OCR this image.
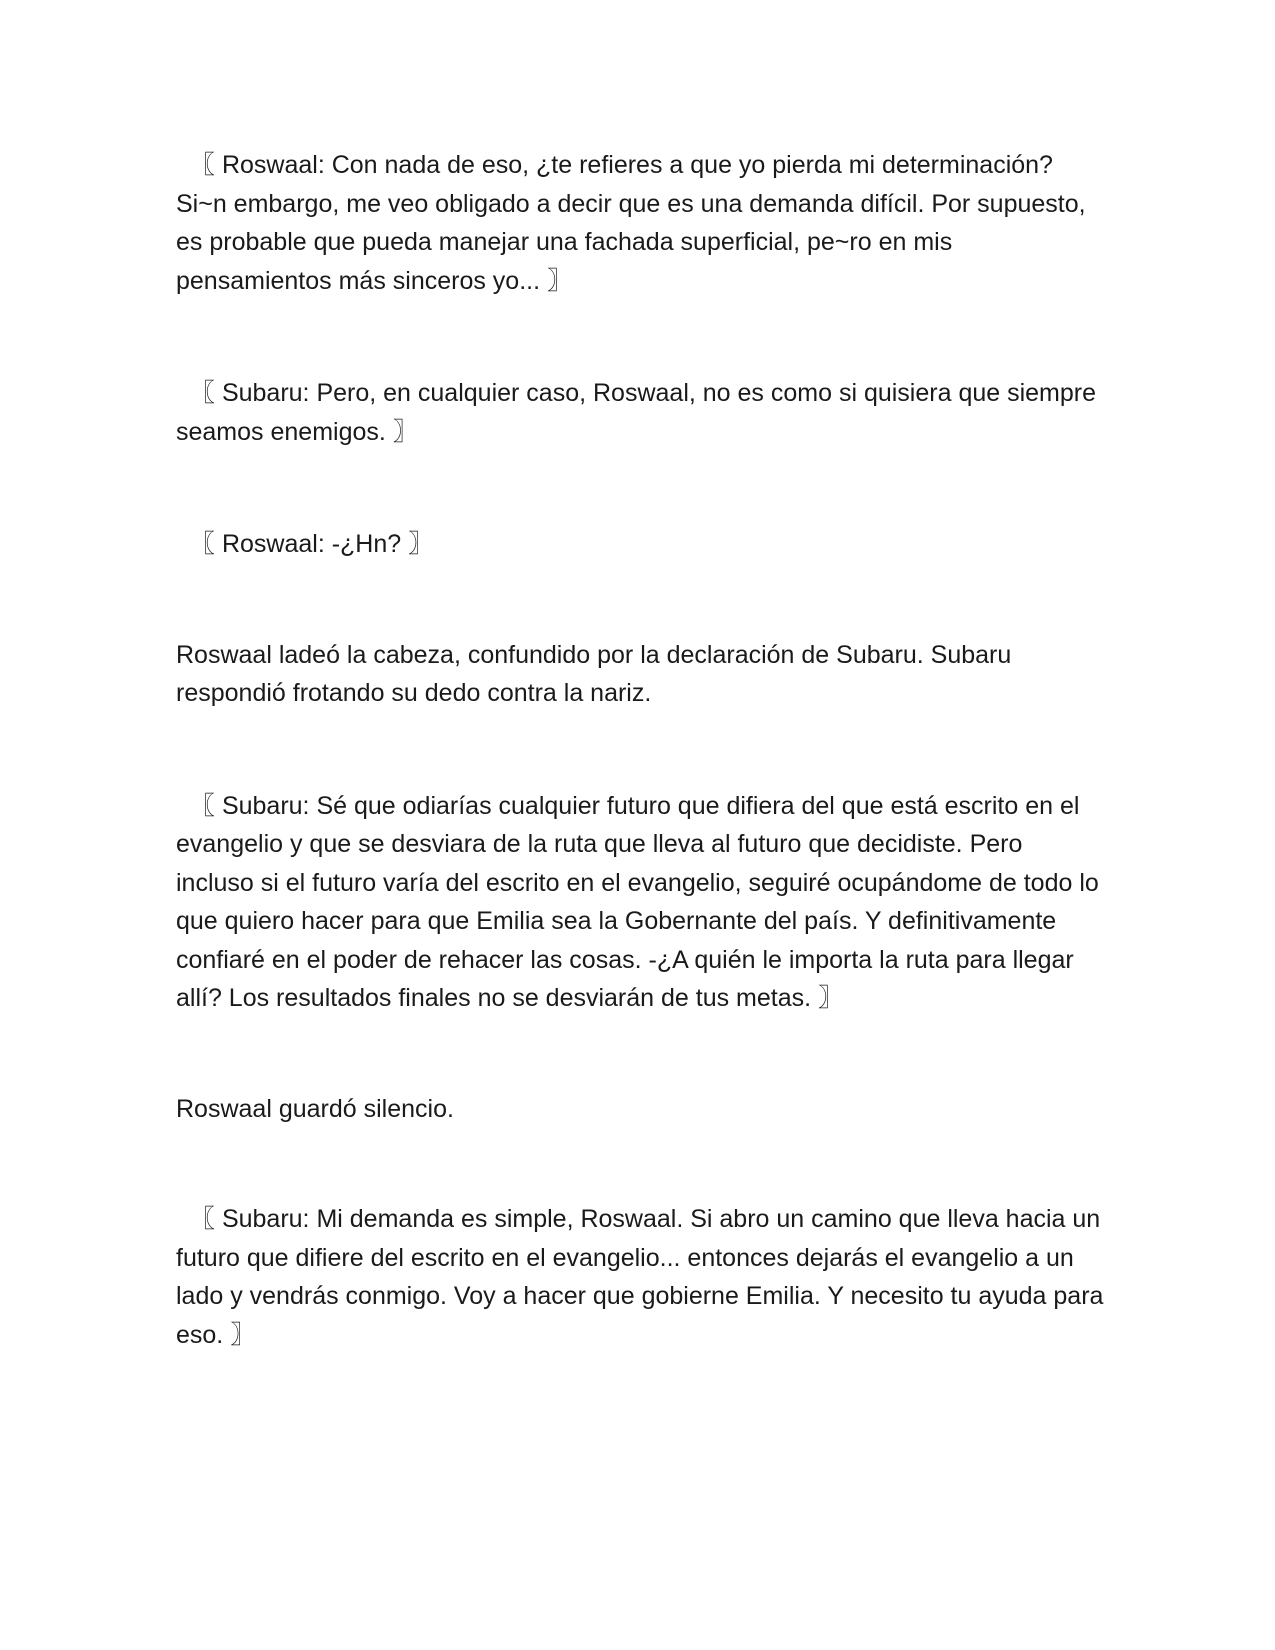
〖 Roswaal: Con nada de eso, ¿te refieres a que yo pierda mi determinación? Si~n embargo, me veo obligado a decir que es una demanda difícil. Por supuesto, es probable que pueda manejar una fachada superficial, pe~ro en mis pensamientos más sinceros yo... 〗

〖 Subaru: Pero, en cualquier caso, Roswaal, no es como si quisiera que siempre seamos enemigos. 〗

〖 Roswaal: -¿Hn? 〗

Roswaal ladeó la cabeza, confundido por la declaración de Subaru. Subaru respondió frotando su dedo contra la nariz.

〖 Subaru: Sé que odiarías cualquier futuro que difiera del que está escrito en el evangelio y que se desviara de la ruta que lleva al futuro que decidiste. Pero incluso si el futuro varía del escrito en el evangelio, seguiré ocupándome de todo lo que quiero hacer para que Emilia sea la Gobernante del país. Y definitivamente confiaré en el poder de rehacer las cosas. -¿A quién le importa la ruta para llegar allí? Los resultados finales no se desviarán de tus metas. 〗

Roswaal guardó silencio.

〖 Subaru: Mi demanda es simple, Roswaal. Si abro un camino que lleva hacia un futuro que difiere del escrito en el evangelio... entonces dejarás el evangelio a un lado y vendrás conmigo. Voy a hacer que gobierne Emilia. Y necesito tu ayuda para eso. 〗
